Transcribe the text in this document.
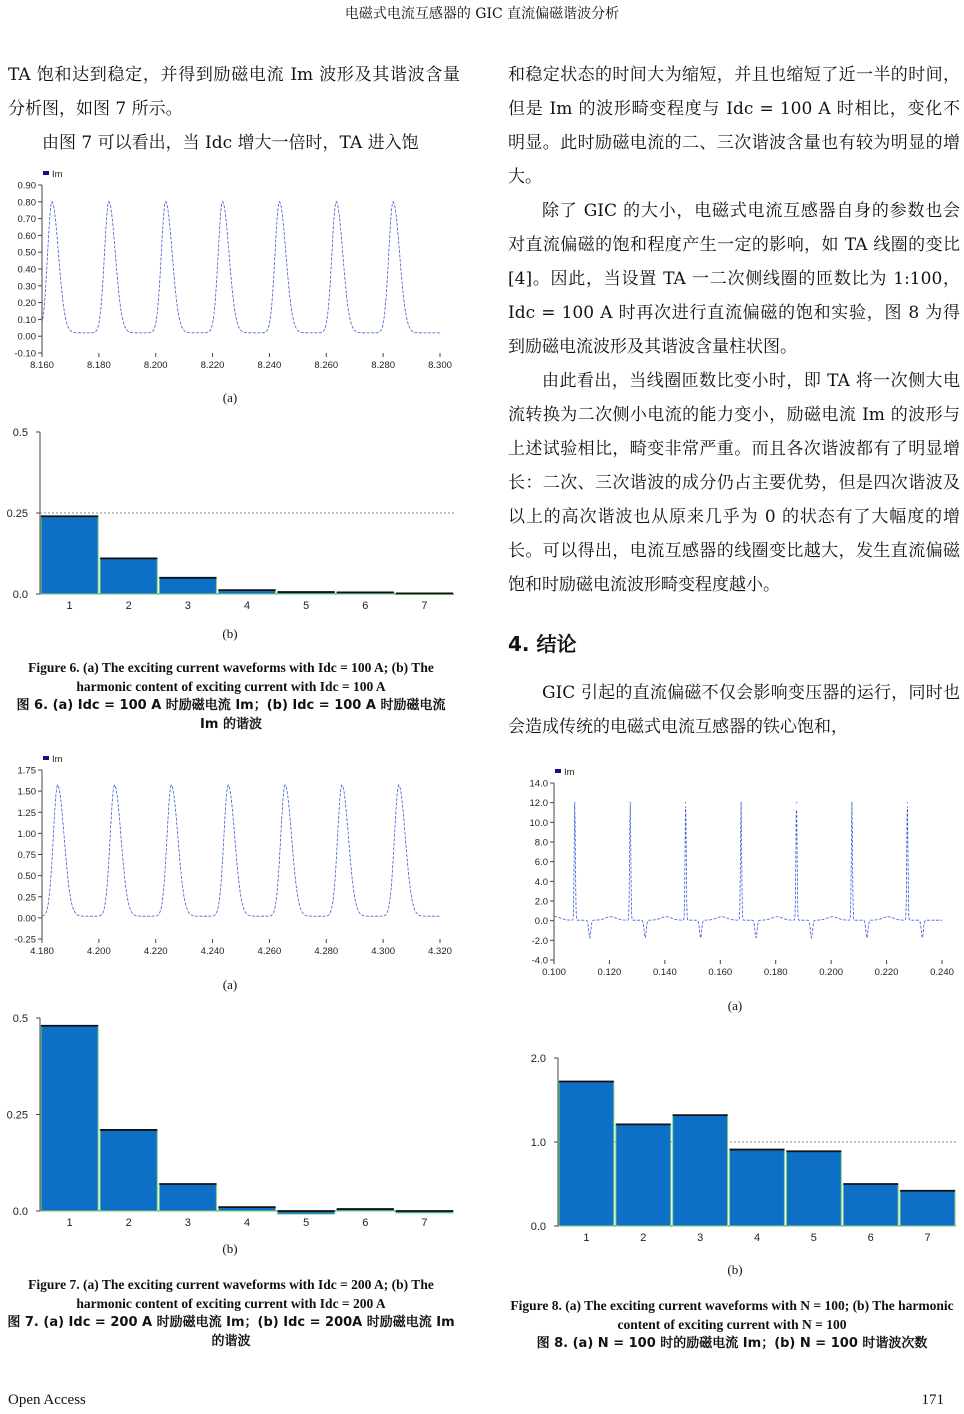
电磁式电流互感器的 GIC 直流偏磁谐波分析

TA 饱和达到稳定，并得到励磁电流 Im 波形及其谐波含量分析图，如图 7 所示。

由图 7 可以看出，当 Idc 增大一倍时，TA 进入饱

-0.10
0.00
0.10
0.20
0.30
0.40
0.50
0.60
0.70
0.80
0.90
8.160	8.180	8.200	8.220	8.240	8.260	8.280	8.300
Im
(a)
0.0
0.25
0.5
1	2	3	4	5	6	7
(b)
Figure 6. (a) The exciting current waveforms with Idc = 100 A; (b) The harmonic content of exciting current with Idc = 100 A
图 6. (a) Idc = 100 A 时励磁电流 Im；(b) Idc = 100 A 时励磁电流 Im 的谐波
-0.25
0.00
0.25
0.50
0.75
1.00
1.25
1.50
1.75
4.180	4.200	4.220	4.240	4.260	4.280	4.300	4.320
Im
(a)
0.0
0.25
0.5
1	2	3	4	5	6	7
(b)
Figure 7. (a) The exciting current waveforms with Idc = 200 A; (b) The harmonic content of exciting current with Idc = 200 A
图 7. (a) Idc = 200 A 时励磁电流 Im；(b) Idc = 200A 时励磁电流 Im 的谐波

和稳定状态的时间大为缩短，并且也缩短了近一半的时间，但是 Im 的波形畸变程度与 Idc = 100 A 时相比，变化不明显。此时励磁电流的二、三次谐波含量也有较为明显的增大。

除了 GIC 的大小，电磁式电流互感器自身的参数也会对直流偏磁的饱和程度产生一定的影响，如 TA 线圈的变比[4]。因此，当设置 TA 一二次侧线圈的匝数比为 1:100，Idc = 100 A 时再次进行直流偏磁的饱和实验，图 8 为得到励磁电流波形及其谐波含量柱状图。

由此看出，当线圈匝数比变小时，即 TA 将一次侧大电流转换为二次侧小电流的能力变小，励磁电流 Im 的波形与上述试验相比，畸变非常严重。而且各次谐波都有了明显增长：二次、三次谐波的成分仍占主要优势，但是四次谐波及以上的高次谐波也从原来几乎为 0 的状态有了大幅度的增长。可以得出，电流互感器的线圈变比越大，发生直流偏磁饱和时励磁电流波形畸变程度越小。

4. 结论

GIC 引起的直流偏磁不仅会影响变压器的运行，同时也会造成传统的电磁式电流互感器的铁心饱和，

-4.0
-2.0
0.0
2.0
4.0
6.0
8.0
10.0
12.0
14.0
0.100	0.120	0.140	0.160	0.180	0.200	0.220	0.240
Im
(a)
0.0
1.0
2.0
1	2	3	4	5	6	7
(b)
Figure 8. (a) The exciting current waveforms with N = 100; (b) The harmonic content of exciting current with N = 100
图 8. (a) N = 100 时的励磁电流 Im；(b) N = 100 时谐波次数
Open Access	171
